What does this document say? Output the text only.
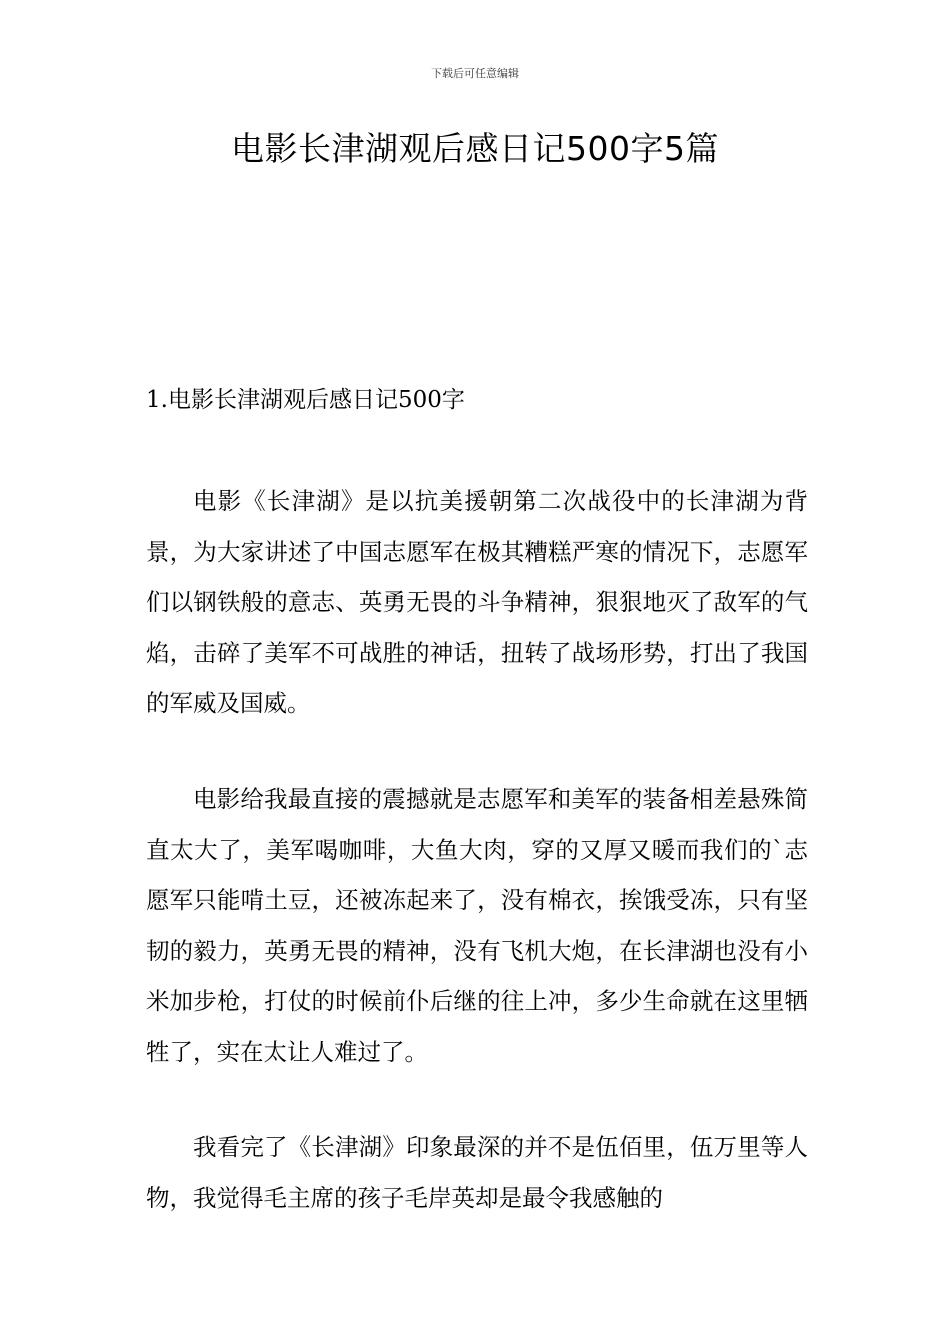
下载后可任意编辑
电影长津湖观后感日记500字5篇
1.电影长津湖观后感日记500字

电影《长津湖》是以抗美援朝第二次战役中的长津湖为背景，为大家讲述了中国志愿军在极其糟糕严寒的情况下，志愿军们以钢铁般的意志、英勇无畏的斗争精神，狠狠地灭了敌军的气焰，击碎了美军不可战胜的神话，扭转了战场形势，打出了我国的军威及国威。

电影给我最直接的震撼就是志愿军和美军的装备相差悬殊简直太大了，美军喝咖啡，大鱼大肉，穿的又厚又暖而我们的`志愿军只能啃土豆，还被冻起来了，没有棉衣，挨饿受冻，只有坚韧的毅力，英勇无畏的精神，没有飞机大炮，在长津湖也没有小米加步枪，打仗的时候前仆后继的往上冲，多少生命就在这里牺牲了，实在太让人难过了。

我看完了《长津湖》印象最深的并不是伍佰里，伍万里等人物，我觉得毛主席的孩子毛岸英却是最令我感触的
